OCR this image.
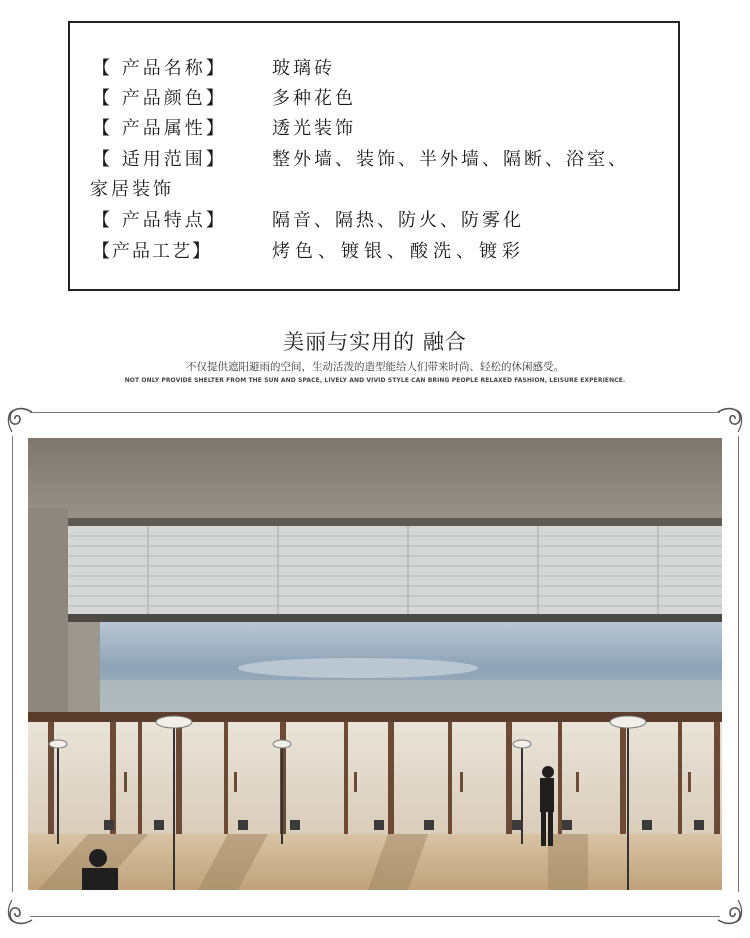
【 产品名称】	玻璃砖
【 产品颜色】	多种花色
【 产品属性】	透光装饰
【 适用范围】	整外墙、装饰、半外墙、隔断、浴室、
家居装饰
【 产品特点】	隔音、隔热、防火、防雾化
【产品工艺】	烤色、镀银、酸洗、镀彩
美丽与实用的 融合
不仅提供遮阳避雨的空间，生动活泼的造型能给人们带来时尚、轻松的休闲感受。
NOT ONLY PROVIDE SHELTER FROM THE SUN AND SPACE, LIVELY AND VIVID STYLE CAN BRING PEOPLE RELAXED FASHION, LEISURE EXPERIENCE.
